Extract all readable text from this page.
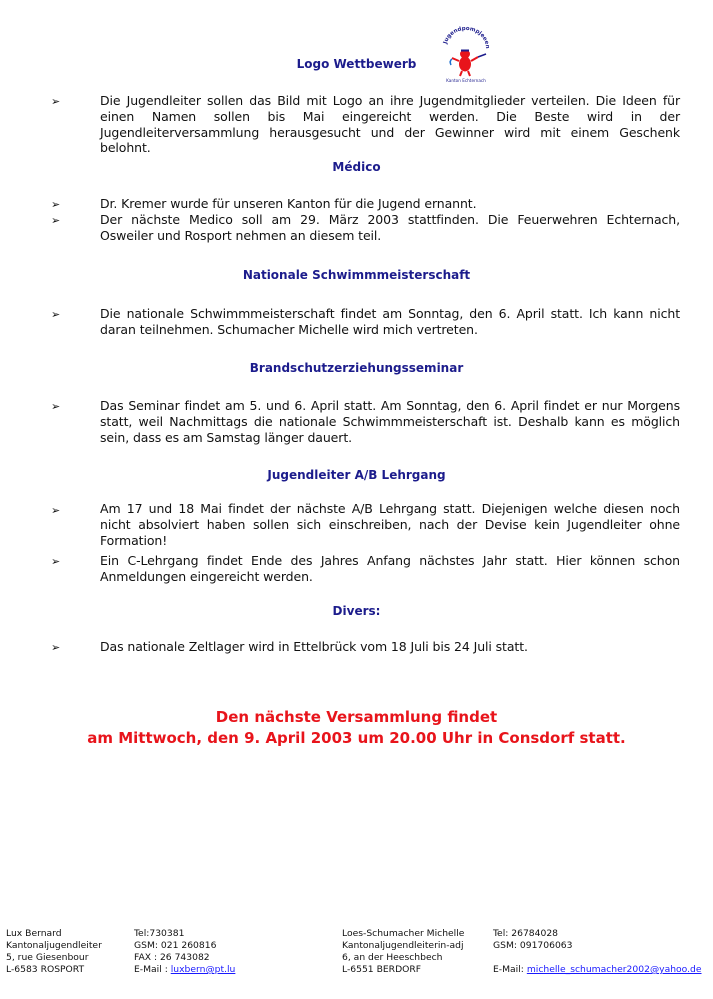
Jugendpompjeeen
Kanton Echternach
Logo Wettbewerb
➢	Die Jugendleiter sollen das Bild mit Logo an ihre Jugendmitglieder verteilen. Die Ideen für einen Namen sollen bis Mai eingereicht werden. Die Beste wird in der Jugendleiterversammlung herausgesucht und der Gewinner wird mit einem Geschenk belohnt.
Médico
➢	Dr. Kremer wurde für unseren Kanton für die Jugend ernannt.
➢	Der nächste Medico soll am 29. März 2003 stattfinden. Die Feuerwehren Echternach, Osweiler und Rosport nehmen an diesem teil.
Nationale Schwimmmeisterschaft
➢	Die nationale Schwimmmeisterschaft findet am Sonntag, den 6. April statt. Ich kann nicht daran teilnehmen. Schumacher Michelle wird mich vertreten.
Brandschutzerziehungsseminar
➢	Das Seminar findet am 5. und 6. April statt. Am Sonntag, den 6. April findet er nur Morgens statt, weil Nachmittags die nationale Schwimmmeisterschaft ist. Deshalb kann es möglich sein, dass es am Samstag länger dauert.
Jugendleiter A/B Lehrgang
➢	Am 17 und 18 Mai findet der nächste A/B Lehrgang statt. Diejenigen welche diesen noch nicht absolviert haben sollen sich einschreiben, nach der Devise kein Jugendleiter ohne Formation!
➢	Ein C-Lehrgang findet Ende des Jahres Anfang nächstes Jahr statt. Hier können schon Anmeldungen eingereicht werden.
Divers:
➢	Das nationale Zeltlager wird in Ettelbrück vom 18 Juli bis 24 Juli statt.
Den nächste Versammlung findet
am Mittwoch, den 9. April 2003 um 20.00 Uhr in Consdorf statt.
Lux Bernard
Kantonaljugendleiter
5, rue Giesenbour
L-6583 ROSPORT
Tel:730381
GSM: 021 260816
FAX : 26 743082
E-Mail : luxbern@pt.lu
Loes-Schumacher Michelle
Kantonaljugendleiterin-adj
6, an der Heeschbech
L-6551 BERDORF
Tel: 26784028
GSM: 091706063

E-Mail: michelle_schumacher2002@yahoo.de
